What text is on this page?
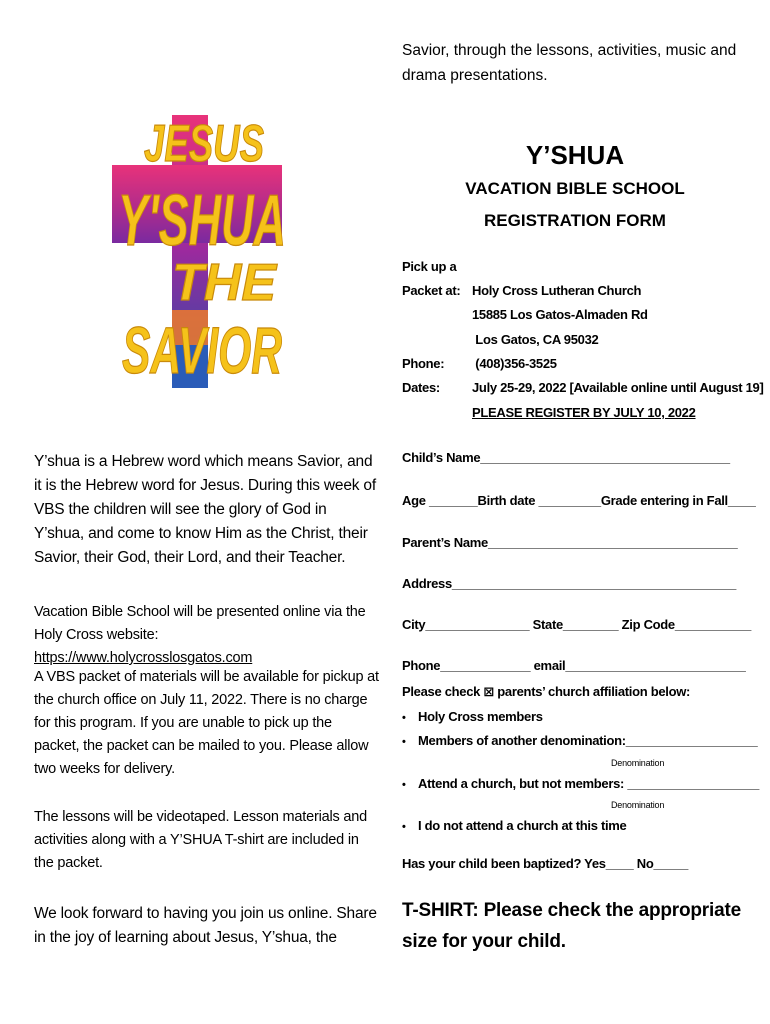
JESUS
Y'SHUA
THE
SAVIOR
Y’shua is a Hebrew word which means Savior, and it is the Hebrew word for Jesus. During this week of VBS the children will see the glory of God in Y’shua, and come to know Him as the Christ, their Savior, their God, their Lord, and their Teacher.
Vacation Bible School will be presented online via the Holy Cross website: https://www.holycrosslosgatos.com
A VBS packet of materials will be available for pickup at the church office on July 11, 2022. There is no charge for this program. If you are unable to pick up the packet, the packet can be mailed to you. Please allow two weeks for delivery.
The lessons will be videotaped. Lesson materials and activities along with a Y’SHUA T-shirt are included in the packet.
We look forward to having you join us online. Share in the joy of learning about Jesus, Y’shua, the
Savior, through the lessons, activities, music and drama presentations.
Y’SHUA
VACATION BIBLE SCHOOL
REGISTRATION FORM
Pick up a
Packet at: Holy Cross Lutheran Church
15885 Los Gatos-Almaden Rd
Los Gatos, CA 95032
Phone: (408)356-3525
Dates: July 25-29, 2022 [Available online until August 19]
PLEASE REGISTER BY JULY 10, 2022
Child’s Name____________________________________
Age _______Birth date _________Grade entering in Fall____
Parent’s Name____________________________________
Address_________________________________________
City_______________ State________ Zip Code___________
Phone_____________ email__________________________
Please check ⊠ parents’ church affiliation below:
• Holy Cross members
• Members of another denomination:___________________
Denomination
• Attend a church, but not members: ___________________
Denomination
• I do not attend a church at this time
Has your child been baptized? Yes____ No_____
T-SHIRT: Please check the appropriate
size for your child.
